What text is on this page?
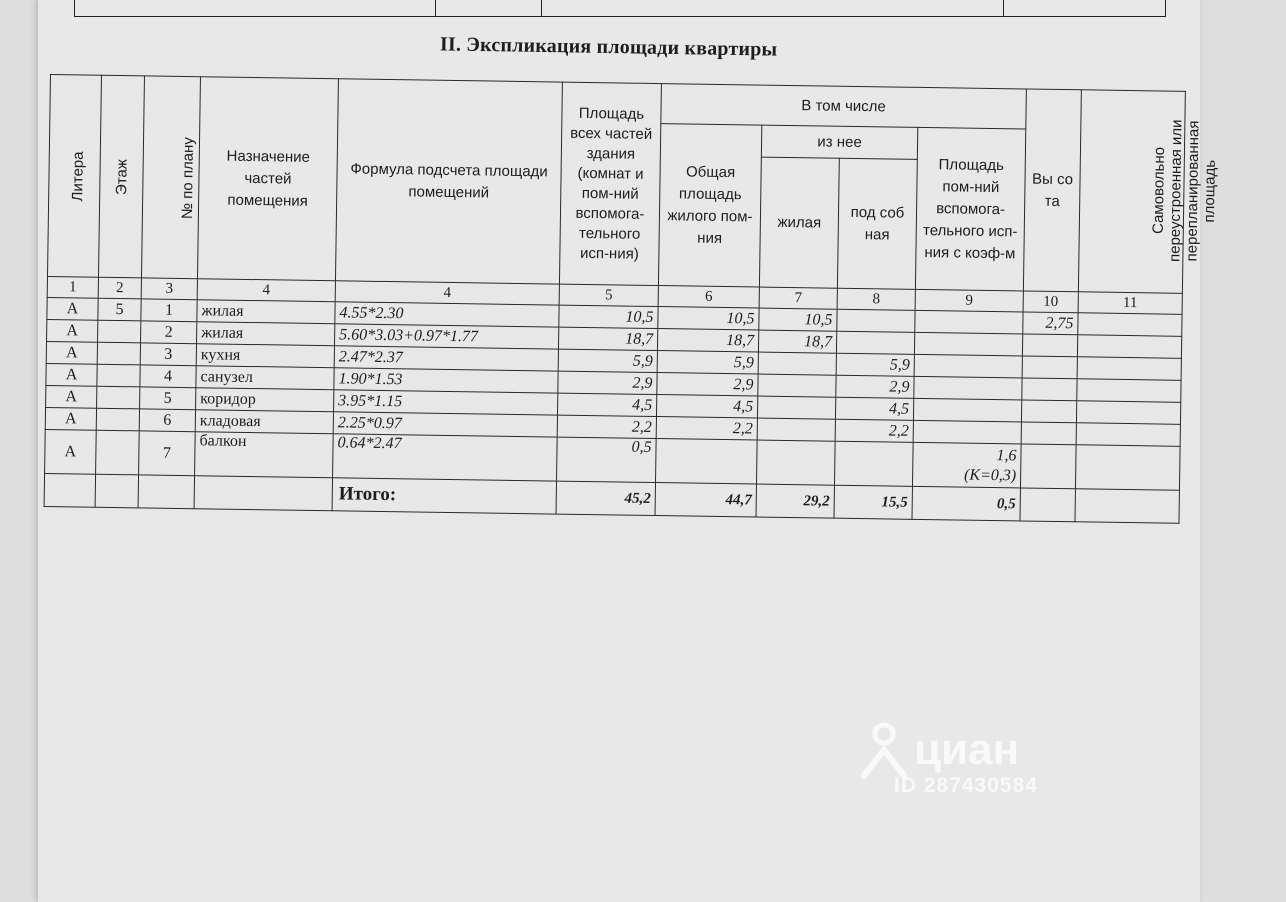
II. Экспликация площади квартиры
Литера	Этаж	№ по плану	Назначение частей помещения	Формула подсчета площади помещений	Площадь всех частей здания (комнат и пом-ний вспомога-тельного исп-ния)	В том числе				Вы со та	Самовольно переустроенная или перепланированная площадь
						Общая площадь жилого пом-ния	из нее		Площадь пом-ний вспомога-тельного исп-ния с коэф-м		
							жилая	под соб ная			
1	2	3	4	4	5	6	7	8	9	10	11
А	5	1	жилая	4.55*2.30	10,5	10,5	10,5			2,75	
А		2	жилая	5.60*3.03+0.97*1.77	18,7	18,7	18,7				
А		3	кухня	2.47*2.37	5,9	5,9		5,9			
А		4	санузел	1.90*1.53	2,9	2,9		2,9			
А		5	коридор	3.95*1.15	4,5	4,5		4,5			
А		6	кладовая	2.25*0.97	2,2	2,2		2,2			
А		7	балкон	0.64*2.47	0,5				1,6
(К=0,3)		

				Итого:	45,2	44,7	29,2	15,5	0,5		
циан
ID 287430584
